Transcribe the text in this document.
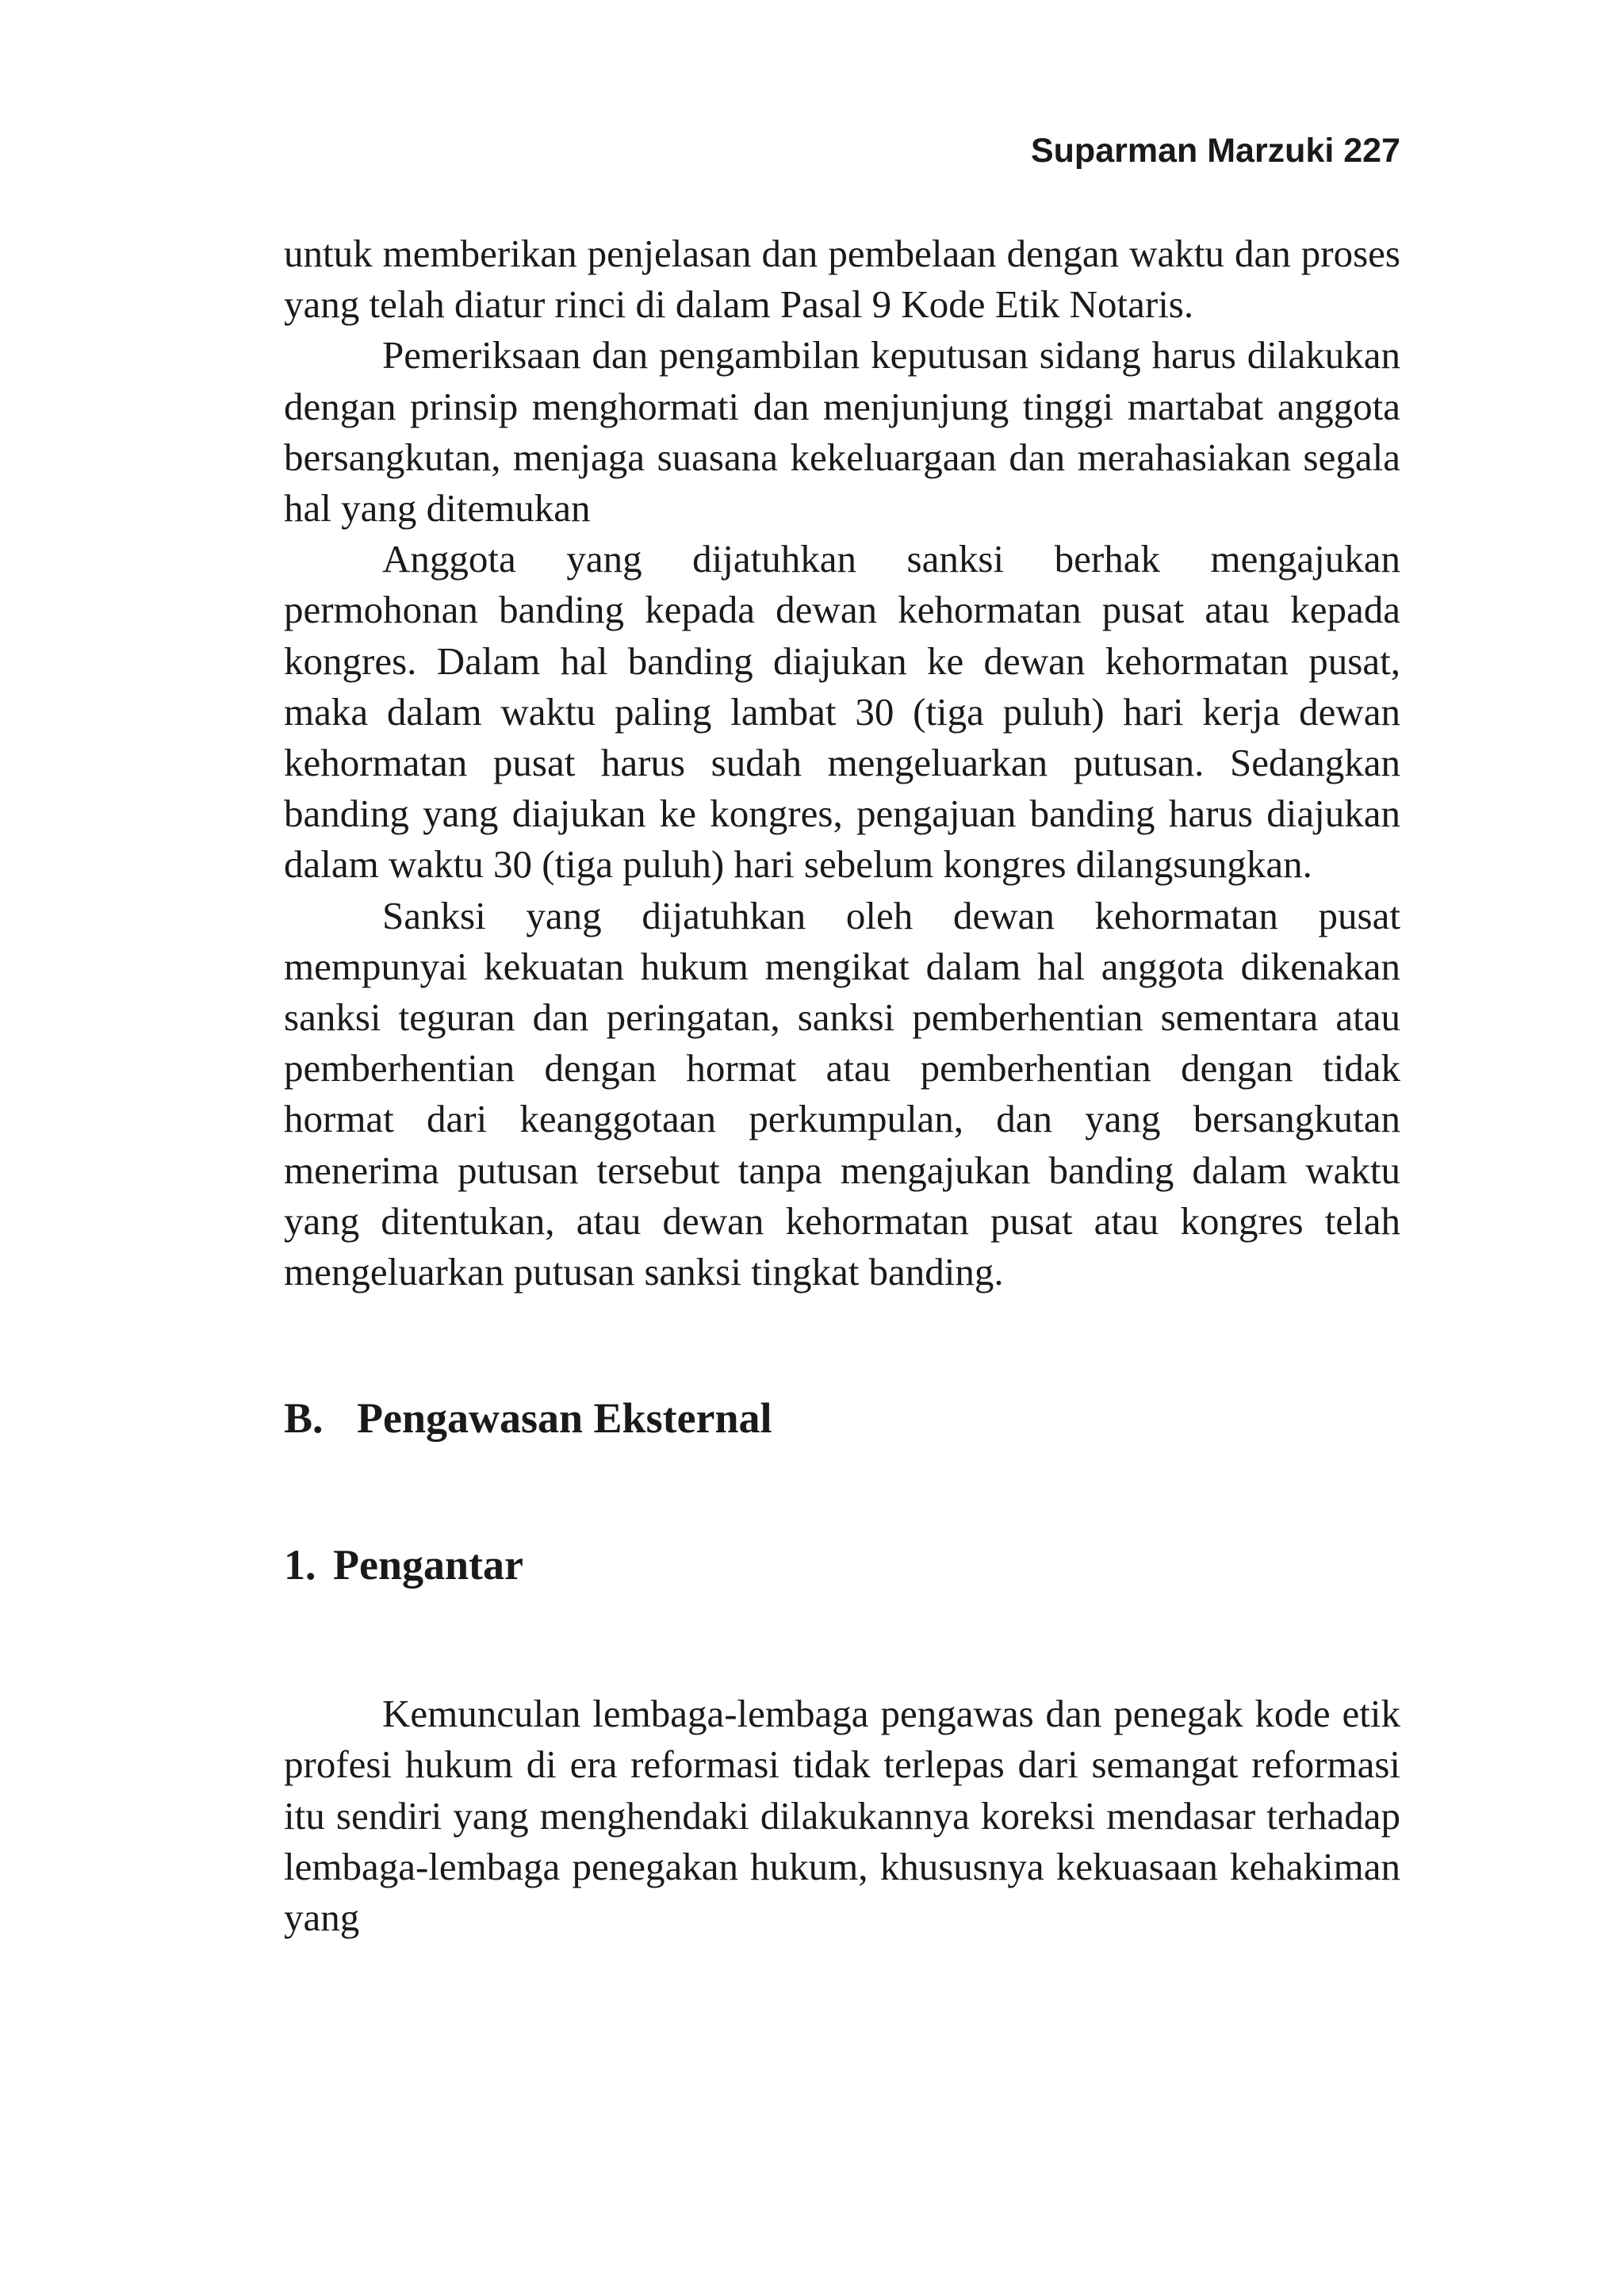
Suparman Marzuki 227

untuk memberikan penjelasan dan pembelaan dengan waktu dan proses yang telah diatur rinci di dalam Pasal 9 Kode Etik Notaris.

Pemeriksaan dan pengambilan keputusan sidang harus dilakukan dengan prinsip menghormati dan menjunjung tinggi martabat anggota bersangkutan, menjaga suasana kekeluargaan dan merahasiakan segala hal yang ditemukan

Anggota yang dijatuhkan sanksi berhak mengajukan permohonan banding kepada dewan kehormatan pusat atau kepada kongres. Dalam hal banding diajukan ke dewan kehormatan pusat, maka dalam waktu paling lambat 30 (tiga puluh) hari kerja dewan kehormatan pusat harus sudah mengeluarkan putusan. Sedangkan banding yang diajukan ke kongres, pengajuan banding harus diajukan dalam waktu 30 (tiga puluh) hari sebelum kongres dilangsungkan.

Sanksi yang dijatuhkan oleh dewan kehormatan pusat mempunyai kekuatan hukum mengikat dalam hal anggota dikenakan sanksi teguran dan peringatan, sanksi pemberhentian sementara atau pemberhentian dengan hormat atau pemberhentian dengan tidak hormat dari keanggotaan perkumpulan, dan yang bersangkutan menerima putusan tersebut tanpa mengajukan banding dalam waktu yang ditentukan, atau dewan kehormatan pusat atau kongres telah mengeluarkan putusan sanksi tingkat banding.

B. Pengawasan Eksternal
1. Pengantar

Kemunculan lembaga-lembaga pengawas dan penegak kode etik profesi hukum di era reformasi tidak terlepas dari semangat reformasi itu sendiri yang menghendaki dilakukannya koreksi mendasar terhadap lembaga-lembaga penegakan hukum, khususnya kekuasaan kehakiman yang
